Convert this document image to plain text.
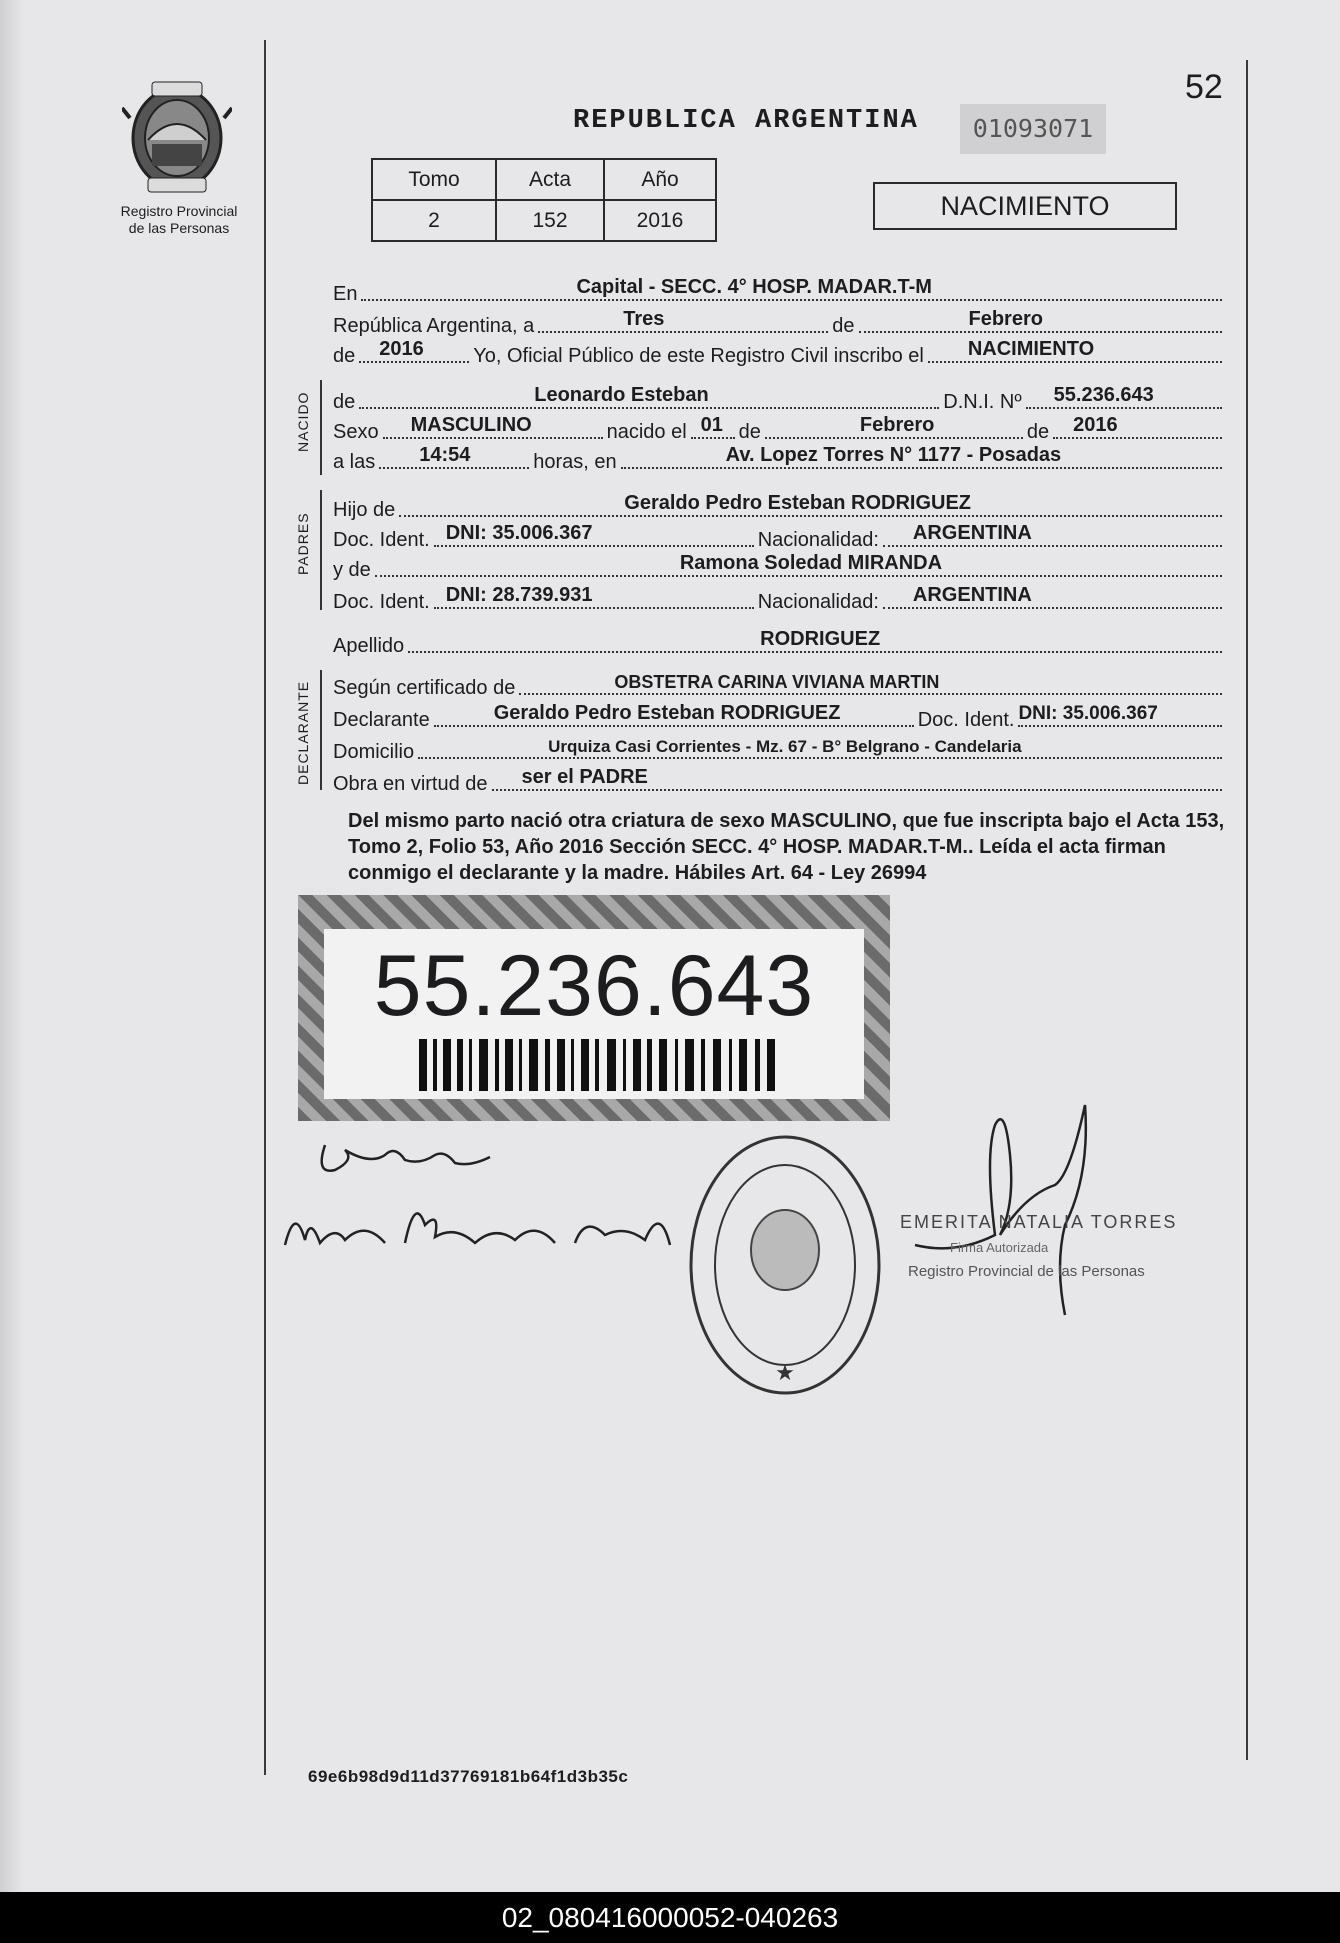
52
Registro Provincial
de las Personas
REPUBLICA ARGENTINA	01093071
Tomo	Acta	Año
2	152	2016	NACIMIENTO
En	Capital - SECC. 4° HOSP. MADAR.T-M
República Argentina, a	Tres	de	Febrero
de 2016 Yo, Oficial Público de este Registro Civil inscribo el NACIMIENTO
NACIDO de	Leonardo Esteban	D.N.I. Nº 55.236.643
Sexo MASCULINO	nacido el 01 de	Febrero	de 2016
a las 14:54	horas, en	Av. Lopez Torres N° 1177 - Posadas
PADRES
Hijo de	Geraldo Pedro Esteban RODRIGUEZ
Doc. Ident. DNI: 35.006.367	Nacionalidad: ARGENTINA
y de	Ramona Soledad MIRANDA
Doc. Ident. DNI: 28.739.931	Nacionalidad: ARGENTINA
Apellido	RODRIGUEZ
DECLARANTE Según certificado de	OBSTETRA CARINA VIVIANA MARTIN
Declarante	Geraldo Pedro Esteban RODRIGUEZ	Doc. Ident. DNI: 35.006.367
Domicilio	Urquiza Casi Corrientes - Mz. 67 - B° Belgrano - Candelaria
Obra en virtud de ser el PADRE
Del mismo parto nació otra criatura de sexo MASCULINO, que fue inscripta bajo el Acta 153, Tomo 2, Folio 53, Año 2016 Sección SECC. 4° HOSP. MADAR.T-M.. Leída el acta firman conmigo el declarante y la madre. Hábiles Art. 64 - Ley 26994
55.236.643
★
EMERITA NATALIA TORRES
Firma Autorizada
Registro Provincial de las Personas
69e6b98d9d11d37769181b64f1d3b35c
02_080416000052-040263
